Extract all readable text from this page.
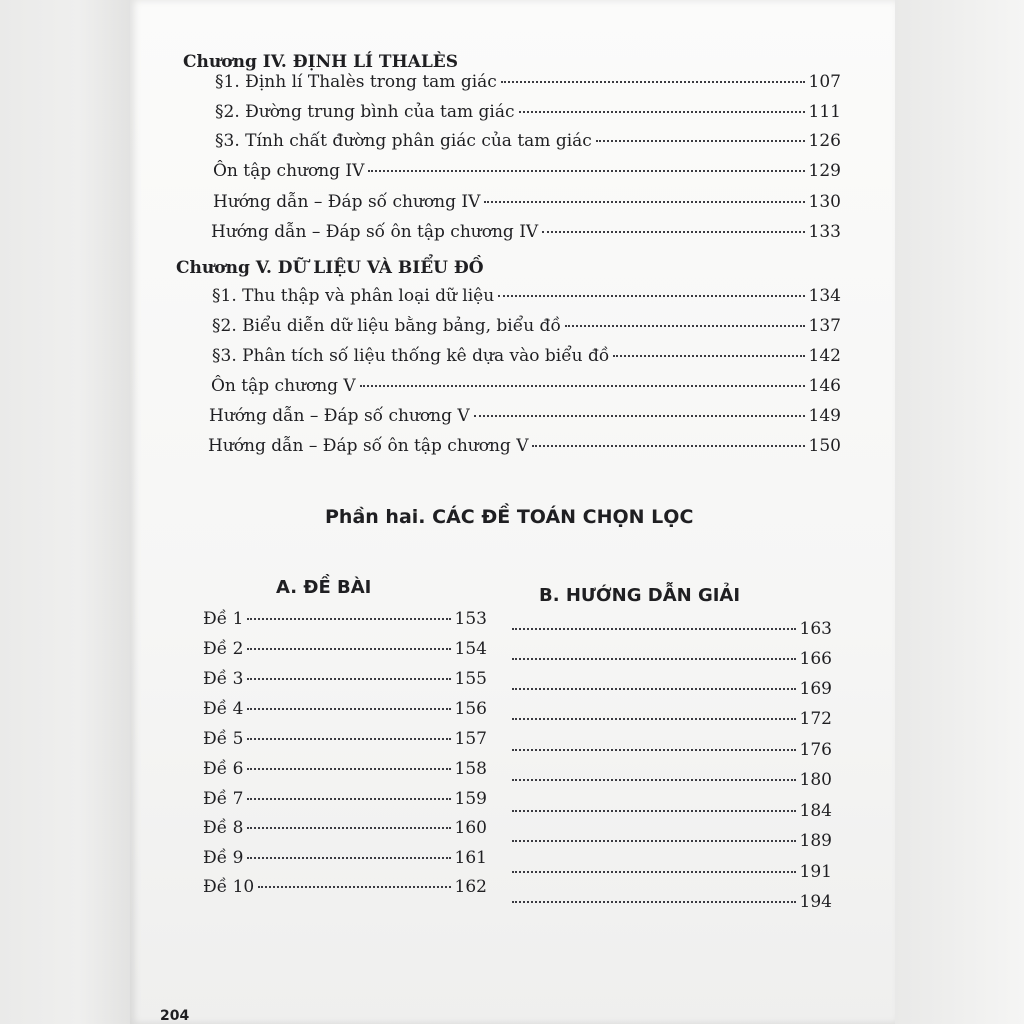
Chương IV. ĐỊNH LÍ THALÈS
§1. Định lí Thalès trong tam giác	107
§2. Đường trung bình của tam giác	111
§3. Tính chất đường phân giác của tam giác	126
Ôn tập chương IV	129
Hướng dẫn – Đáp số chương IV	130
Hướng dẫn – Đáp số ôn tập chương IV	133
Chương V. DỮ LIỆU VÀ BIỂU ĐỒ
§1. Thu thập và phân loại dữ liệu	134
§2. Biểu diễn dữ liệu bằng bảng, biểu đồ	137
§3. Phân tích số liệu thống kê dựa vào biểu đồ	142
Ôn tập chương V	146
Hướng dẫn – Đáp số chương V	149
Hướng dẫn – Đáp số ôn tập chương V	150
Phần hai. CÁC ĐỀ TOÁN CHỌN LỌC
A. ĐỀ BÀI	B. HƯỚNG DẪN GIẢI
Đề 1	153
Đề 2	154
Đề 3	155
Đề 4	156
Đề 5	157
Đề 6	158
Đề 7	159
Đề 8	160
Đề 9	161
Đề 10	162
163
166
169
172
176
180
184
189
191
194
204
